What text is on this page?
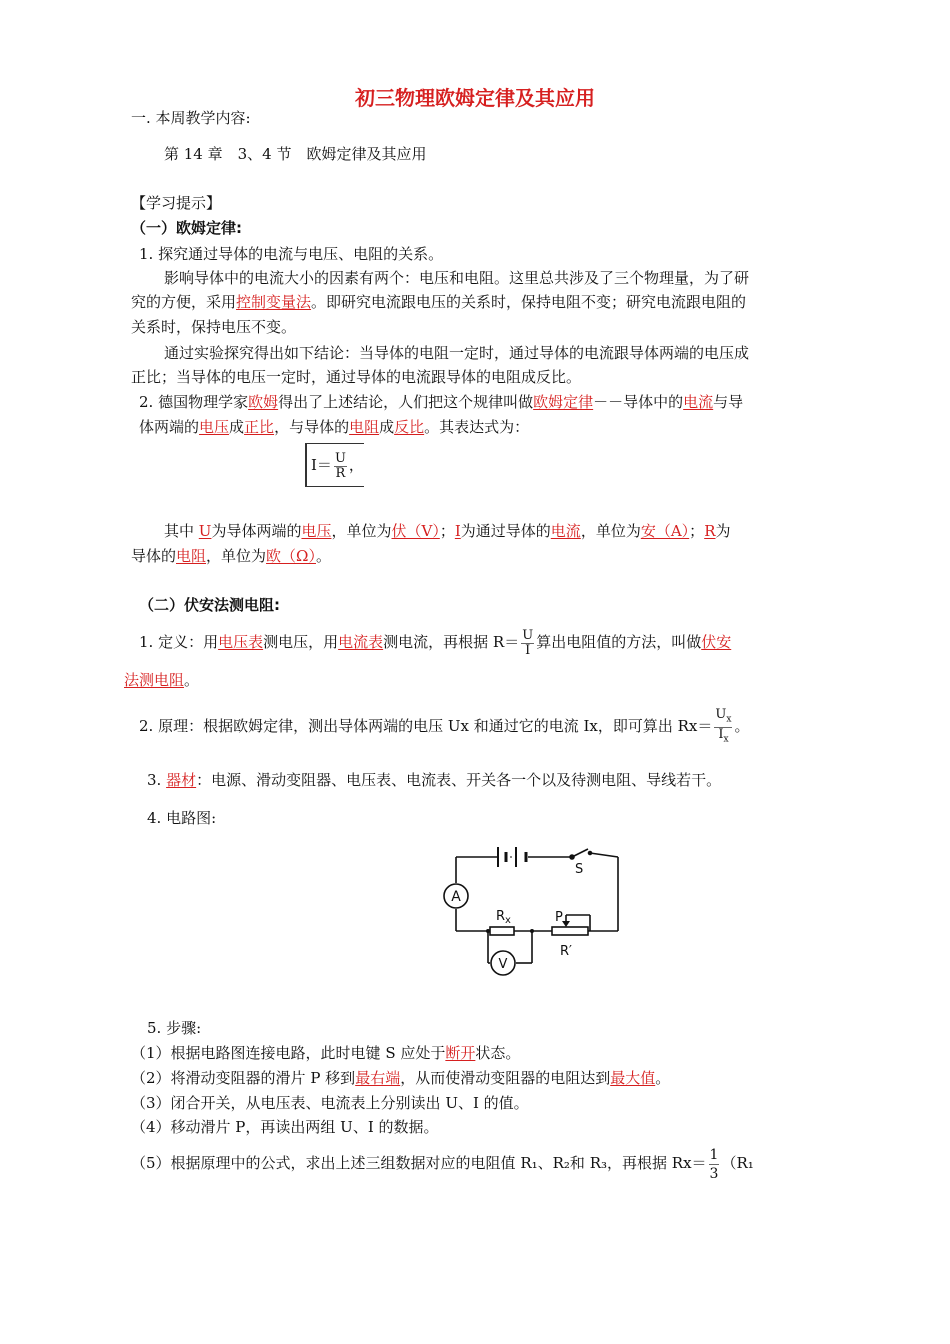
初三物理欧姆定律及其应用
一. 本周教学内容:
第 14 章　3、4 节　欧姆定律及其应用
【学习提示】
（一）欧姆定律:
1. 探究通过导体的电流与电压、电阻的关系。
影响导体中的电流大小的因素有两个：电压和电阻。这里总共涉及了三个物理量，为了研
究的方便，采用控制变量法。即研究电流跟电压的关系时，保持电阻不变；研究电流跟电阻的
关系时，保持电压不变。
通过实验探究得出如下结论：当导体的电阻一定时，通过导体的电流跟导体两端的电压成
正比；当导体的电压一定时，通过导体的电流跟导体的电阻成反比。
2. 德国物理学家欧姆得出了上述结论，人们把这个规律叫做欧姆定律－－导体中的电流与导
体两端的电压成正比，与导体的电阻成反比。其表达式为：
$I= \frac{U}{R}$ ，
其中 U为导体两端的电压，单位为伏（V）；I为通过导体的电流，单位为安（A）；R为
导体的电阻，单位为欧（Ω）。
（二）伏安法测电阻:
1. 定义：用电压表测电压，用电流表测电流，再根据 $R= \frac{U}{I}$ 算出电阻值的方法，叫做伏安
法测电阻。
2. 原理：根据欧姆定律，测出导体两端的电压 Ux 和通过它的电流 Ix，即可算出 $Rx= \frac{U_x}{I_x}$ 。
3. 器材：电源、滑动变阻器、电压表、电流表、开关各一个以及待测电阻、导线若干。
4. 电路图:
S
A
$R_x$
V
P
R′
5. 步骤:
（1）根据电路图连接电路，此时电键 S 应处于断开状态。
（2）将滑动变阻器的滑片 P 移到最右端，从而使滑动变阻器的电阻达到最大值。
（3）闭合开关，从电压表、电流表上分别读出 U、I 的值。
（4）移动滑片 P，再读出两组 U、I 的数据。
（5）根据原理中的公式，求出上述三组数据对应的电阻值 R₁、R₂和 R₃，再根据 $Rx= \frac{1}{3} (R_1$
